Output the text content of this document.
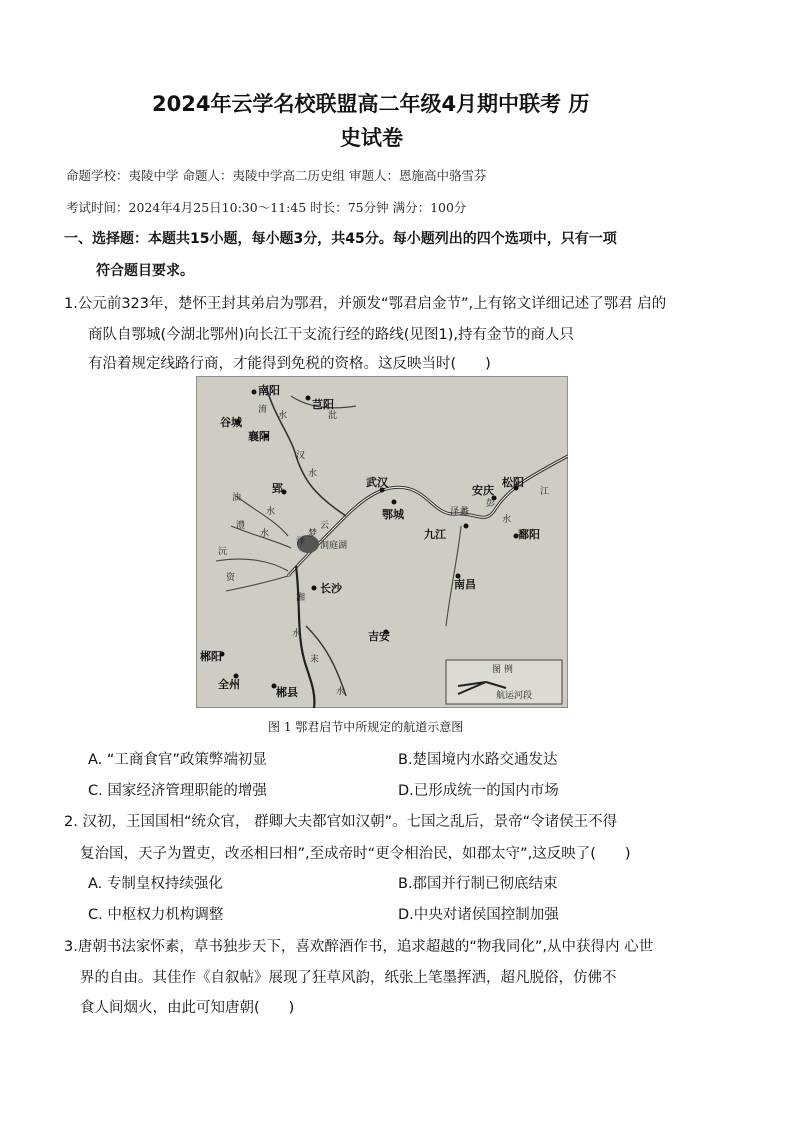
2024年云学名校联盟高二年级4月期中联考 历
史试卷
命题学校：夷陵中学 命题人：夷陵中学高二历史组 审题人：恩施高中骆雪芬
考试时间：2024年4月25日10:30～11:45 时长：75分钟 满分：100分
一、选择题：本题共15小题，每小题3分，共45分。每小题列出的四个选项中，只有一项
符合题目要求。
1.公元前323年，楚怀王封其弟启为鄂君，并颁发“鄂君启金节”,上有铭文详细记述了鄂君 启的
商队自鄂城(今湖北鄂州)向长江干支流行经的路线(见图1),持有金节的商人只
有沿着规定线路行商，才能得到免税的资格。这反映当时(　　)
南阳
芑阳
谷城
襄阳
郢	武汉
鄂城
松阳
安庆
九江	鄱阳
南昌
长沙
吉安
郴阳
全州
郴县
淯
水	沘
汉
水
油
水
澧
水
沅
资
湘
水
耒
水
彭
泽 蠡
水
江
云
梦
泽 洞庭湖
图 例
航运河段
图 1 鄂君启节中所规定的航道示意图
A. “工商食官”政策弊端初显	B.楚国境内水路交通发达
C. 国家经济管理职能的增强	D.已形成统一的国内市场
2. 汉初，王国国相“统众官， 群卿大夫都官如汉朝”。七国之乱后，景帝“令诸侯王不得
复治国，天子为置吏，改丞相曰相”,至成帝时“更令相治民，如郡太守”,这反映了(　　)
A. 专制皇权持续强化	B.郡国并行制已彻底结束
C. 中枢权力机构调整	D.中央对诸侯国控制加强
3.唐朝书法家怀素，草书独步天下，喜欢醉酒作书，追求超越的“物我同化”,从中获得内 心世
界的自由。其佳作《自叙帖》展现了狂草风韵，纸张上笔墨挥洒，超凡脱俗，仿佛不
食人间烟火，由此可知唐朝(　　)
